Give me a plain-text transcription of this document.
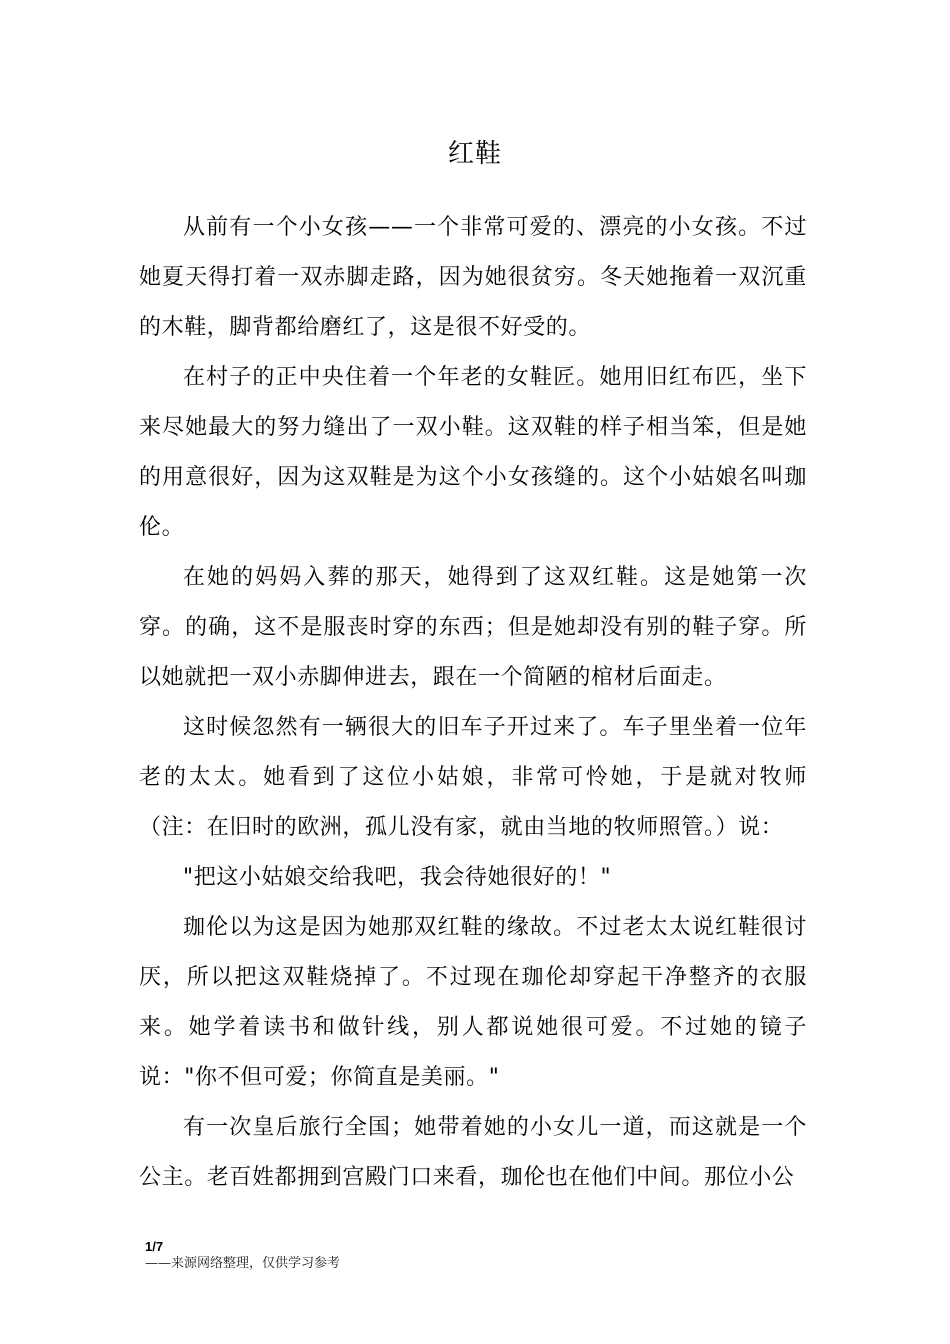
红鞋

从前有一个小女孩——一个非常可爱的、漂亮的小女孩。不过她夏天得打着一双赤脚走路，因为她很贫穷。冬天她拖着一双沉重的木鞋，脚背都给磨红了，这是很不好受的。

在村子的正中央住着一个年老的女鞋匠。她用旧红布匹，坐下来尽她最大的努力缝出了一双小鞋。这双鞋的样子相当笨，但是她的用意很好，因为这双鞋是为这个小女孩缝的。这个小姑娘名叫珈伦。

在她的妈妈入葬的那天，她得到了这双红鞋。这是她第一次穿。的确，这不是服丧时穿的东西；但是她却没有别的鞋子穿。所以她就把一双小赤脚伸进去，跟在一个简陋的棺材后面走。

这时候忽然有一辆很大的旧车子开过来了。车子里坐着一位年老的太太。她看到了这位小姑娘，非常可怜她，于是就对牧师（注：在旧时的欧洲，孤儿没有家，就由当地的牧师照管。）说：

"把这小姑娘交给我吧，我会待她很好的！"

珈伦以为这是因为她那双红鞋的缘故。不过老太太说红鞋很讨厌，所以把这双鞋烧掉了。不过现在珈伦却穿起干净整齐的衣服来。她学着读书和做针线，别人都说她很可爱。不过她的镜子说："你不但可爱；你简直是美丽。"

有一次皇后旅行全国；她带着她的小女儿一道，而这就是一个公主。老百姓都拥到宫殿门口来看，珈伦也在他们中间。那位小公

1/7
——来源网络整理，仅供学习参考
